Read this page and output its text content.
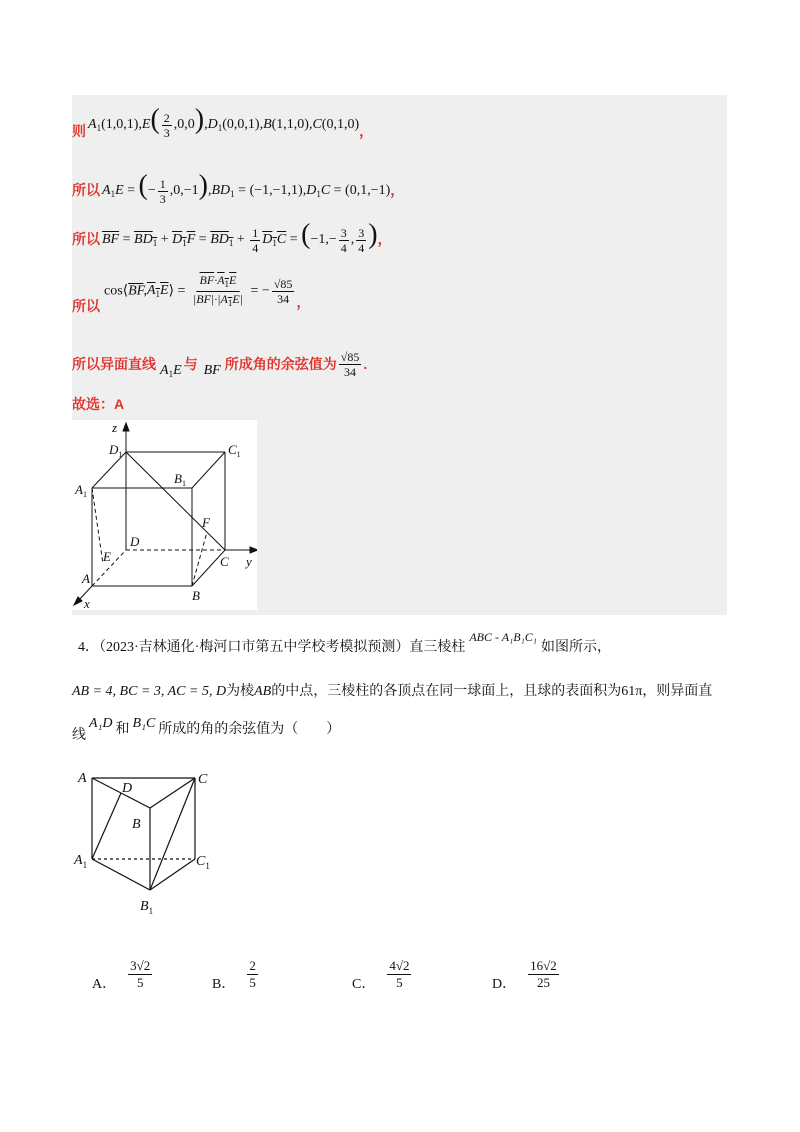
则 $A_1(1,0,1),E( \frac{2}{3} ,0,0),D_1(0,0,1),B(1,1,0),C(0,1,0)$ ，
所以 $A_1E$ = (− $\frac{1}{3} ,0,-1),BD_1 = (-1,-1,1),D_1C = (0,1,-1)$ ，
所以 $\overline{BF} = BD_1 + D_1F = BD_1 + \frac{1}{4} D_1C = (-1,- \frac{3}{4}$ , $\frac{3}{4}$ ) ，
所以
$\cos⟨\overline{BF},A_1E⟩ = \frac{\overline{BF}\cdot A_1E}{|\overline{BF}|\cdot|A_1E|}$ = − $\frac{√85}{34}$ ，
所以异面直线 $A_1E$ 与 BF 所成角的余弦值为 $\frac{√85}{34}$ .
故选：A
z
y
x
$D_1$	$C_1$
$B_1$
$A_1$
F
D
E	C
A
B
4．（2023·吉林通化·梅河口市第五中学校考模拟预测）直三棱柱ABC - A₁B₁C₁如图所示，
AB = 4, BC = 3, AC = 5, D为棱AB的中点，三棱柱的各顶点在同一球面上，且球的表面积为61π，则异面直
线A₁D 和 B₁C 所成的角的余弦值为（　　）
A
D
C
B
$A_1$	$C_1$
$B_1$
A． $\frac{3√2}{5}$	B． $\frac{2}{5}$	C． $\frac{4√2}{5}$	D． $\frac{16√2}{25}$
